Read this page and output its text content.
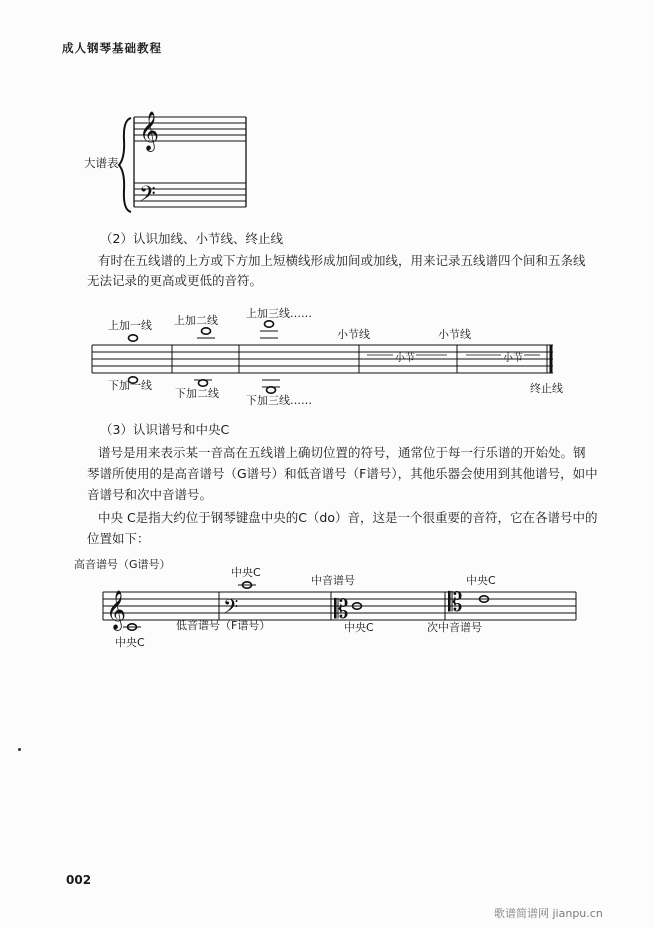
成人钢琴基础教程
大谱表
𝄞
𝄢
（2）认识加线、小节线、终止线
有时在五线谱的上方或下方加上短横线形成加间或加线，用来记录五线谱四个间和五条线
无法记录的更高或更低的音符。
上加一线 上加二线
上加三线……
小节线	小节线
小节	小节
下加一线
下加二线
下加三线……
终止线
（3）认识谱号和中央C
谱号是用来表示某一音高在五线谱上确切位置的符号，通常位于每一行乐谱的开始处。钢
琴谱所使用的是高音谱号（G谱号）和低音谱号（F谱号），其他乐器会使用到其他谱号，如中
音谱号和次中音谱号。
中央 C是指大约位于钢琴键盘中央的C（do）音，这是一个很重要的音符，它在各谱号中的
位置如下：
𝄞	𝄢	𝄡	𝄡
高音谱号（G谱号）
中央C
中央C
低音谱号（F谱号）
中音谱号
中央C
中央C
次中音谱号
002
歌谱简谱网 jianpu.cn
